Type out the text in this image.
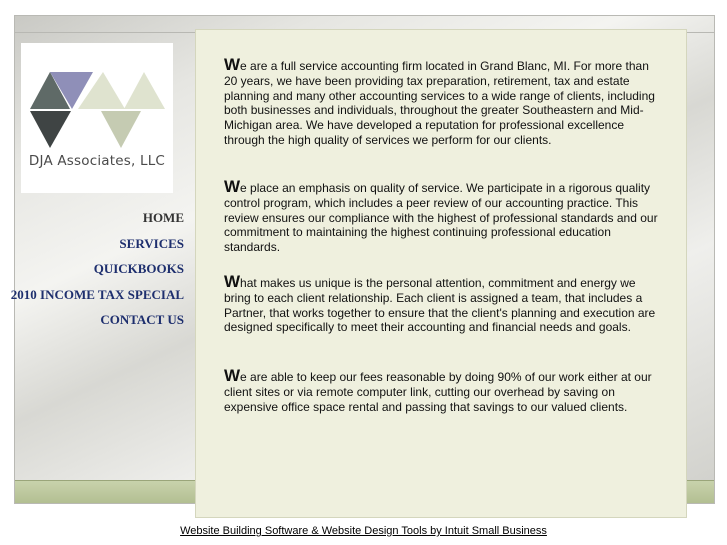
DJA Associates, LLC
HOME
SERVICES
QUICKBOOKS
2010 INCOME TAX SPECIAL
CONTACT US

We are a full service accounting firm located in Grand Blanc, MI. For more than 20 years, we have been providing tax preparation, retirement, tax and estate planning and many other accounting services to a wide range of clients, including both businesses and individuals, throughout the greater Southeastern and Mid-Michigan area. We have developed a reputation for professional excellence through the high quality of services we perform for our clients.

We place an emphasis on quality of service. We participate in a rigorous quality control program, which includes a peer review of our accounting practice. This review ensures our compliance with the highest of professional standards and our commitment to maintaining the highest continuing professional education standards.

What makes us unique is the personal attention, commitment and energy we bring to each client relationship. Each client is assigned a team, that includes a Partner, that works together to ensure that the client's planning and execution are designed specifically to meet their accounting and financial needs and goals.

We are able to keep our fees reasonable by doing 90% of our work either at our client sites or via remote computer link, cutting our overhead by saving on expensive office space rental and passing that savings to our valued clients.

Website Building Software & Website Design Tools by Intuit Small Business
